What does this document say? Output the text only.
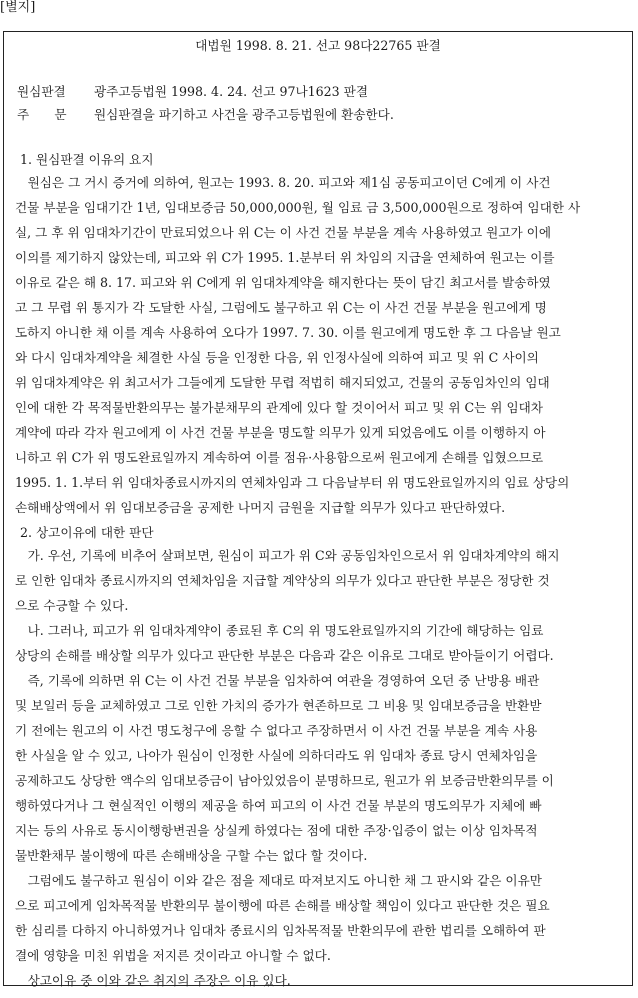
[별지]
대법원 1998. 8. 21. 선고 98다22765 판결
원심판결 광주고등법원 1998. 4. 24. 선고 97나1623 판결
주　　문 원심판결을 파기하고 사건을 광주고등법원에 환송한다.
1. 원심판결 이유의 요지
　원심은 그 거시 증거에 의하여, 원고는 1993. 8. 20. 피고와 제1심 공동피고이던 C에게 이 사건
건물 부분을 임대기간 1년, 임대보증금 50,000,000원, 월 임료 금 3,500,000원으로 정하여 임대한 사
실, 그 후 위 임대차기간이 만료되었으나 위 C는 이 사건 건물 부분을 계속 사용하였고 원고가 이에
이의를 제기하지 않았는데, 피고와 위 C가 1995. 1.분부터 위 차임의 지급을 연체하여 원고는 이를
이유로 같은 해 8. 17. 피고와 위 C에게 위 임대차계약을 해지한다는 뜻이 담긴 최고서를 발송하였
고 그 무렵 위 통지가 각 도달한 사실, 그럼에도 불구하고 위 C는 이 사건 건물 부분을 원고에게 명
도하지 아니한 채 이를 계속 사용하여 오다가 1997. 7. 30. 이를 원고에게 명도한 후 그 다음날 원고
와 다시 임대차계약을 체결한 사실 등을 인정한 다음, 위 인정사실에 의하여 피고 및 위 C 사이의
위 임대차계약은 위 최고서가 그들에게 도달한 무렵 적법히 해지되었고, 건물의 공동임차인의 임대
인에 대한 각 목적물반환의무는 불가분채무의 관계에 있다 할 것이어서 피고 및 위 C는 위 임대차
계약에 따라 각자 원고에게 이 사건 건물 부분을 명도할 의무가 있게 되었음에도 이를 이행하지 아
니하고 위 C가 위 명도완료일까지 계속하여 이를 점유·사용함으로써 원고에게 손해를 입혔으므로
1995. 1. 1.부터 위 임대차종료시까지의 연체차임과 그 다음날부터 위 명도완료일까지의 임료 상당의
손해배상액에서 위 임대보증금을 공제한 나머지 금원을 지급할 의무가 있다고 판단하였다.
2. 상고이유에 대한 판단
　가. 우선, 기록에 비추어 살펴보면, 원심이 피고가 위 C와 공동임차인으로서 위 임대차계약의 해지
로 인한 임대차 종료시까지의 연체차임을 지급할 계약상의 의무가 있다고 판단한 부분은 정당한 것
으로 수긍할 수 있다.
　나. 그러나, 피고가 위 임대차계약이 종료된 후 C의 위 명도완료일까지의 기간에 해당하는 임료
상당의 손해를 배상할 의무가 있다고 판단한 부분은 다음과 같은 이유로 그대로 받아들이기 어렵다.
　즉, 기록에 의하면 위 C는 이 사건 건물 부분을 임차하여 여관을 경영하여 오던 중 난방용 배관
및 보일러 등을 교체하였고 그로 인한 가치의 증가가 현존하므로 그 비용 및 임대보증금을 반환받
기 전에는 원고의 이 사건 명도청구에 응할 수 없다고 주장하면서 이 사건 건물 부분을 계속 사용
한 사실을 알 수 있고, 나아가 원심이 인정한 사실에 의하더라도 위 임대차 종료 당시 연체차임을
공제하고도 상당한 액수의 임대보증금이 남아있었음이 분명하므로, 원고가 위 보증금반환의무를 이
행하였다거나 그 현실적인 이행의 제공을 하여 피고의 이 사건 건물 부분의 명도의무가 지체에 빠
지는 등의 사유로 동시이행항변권을 상실케 하였다는 점에 대한 주장·입증이 없는 이상 임차목적
물반환채무 불이행에 따른 손해배상을 구할 수는 없다 할 것이다.
　그럼에도 불구하고 원심이 이와 같은 점을 제대로 따져보지도 아니한 채 그 판시와 같은 이유만
으로 피고에게 임차목적물 반환의무 불이행에 따른 손해를 배상할 책임이 있다고 판단한 것은 필요
한 심리를 다하지 아니하였거나 임대차 종료시의 임차목적물 반환의무에 관한 법리를 오해하여 판
결에 영향을 미친 위법을 저지른 것이라고 아니할 수 없다.
　상고이유 중 이와 같은 취지의 주장은 이유 있다.
